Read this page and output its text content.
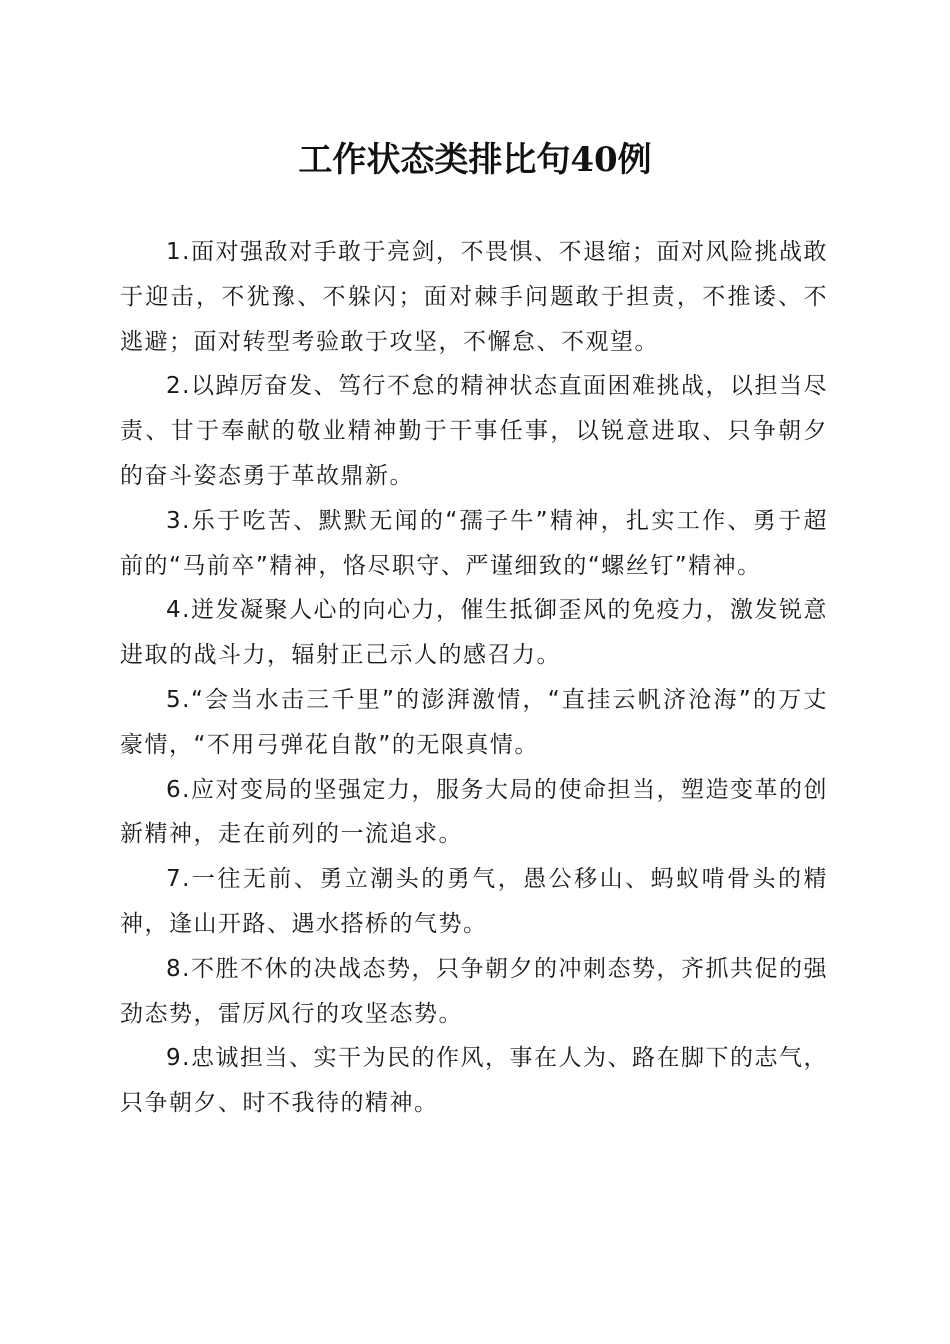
工作状态类排比句40例

1.面对强敌对手敢于亮剑，不畏惧、不退缩；面对风险挑战敢于迎击，不犹豫、不躲闪；面对棘手问题敢于担责，不推诿、不逃避；面对转型考验敢于攻坚，不懈怠、不观望。

2.以踔厉奋发、笃行不怠的精神状态直面困难挑战，以担当尽责、甘于奉献的敬业精神勤于干事任事，以锐意进取、只争朝夕的奋斗姿态勇于革故鼎新。

3.乐于吃苦、默默无闻的“孺子牛”精神，扎实工作、勇于超前的“马前卒”精神，恪尽职守、严谨细致的“螺丝钉”精神。

4.迸发凝聚人心的向心力，催生抵御歪风的免疫力，激发锐意进取的战斗力，辐射正己示人的感召力。

5.“会当水击三千里”的澎湃激情，“直挂云帆济沧海”的万丈豪情，“不用弓弹花自散”的无限真情。

6.应对变局的坚强定力，服务大局的使命担当，塑造变革的创新精神，走在前列的一流追求。

7.一往无前、勇立潮头的勇气，愚公移山、蚂蚁啃骨头的精神，逢山开路、遇水搭桥的气势。

8.不胜不休的决战态势，只争朝夕的冲刺态势，齐抓共促的强劲态势，雷厉风行的攻坚态势。

9.忠诚担当、实干为民的作风，事在人为、路在脚下的志气，只争朝夕、时不我待的精神。
